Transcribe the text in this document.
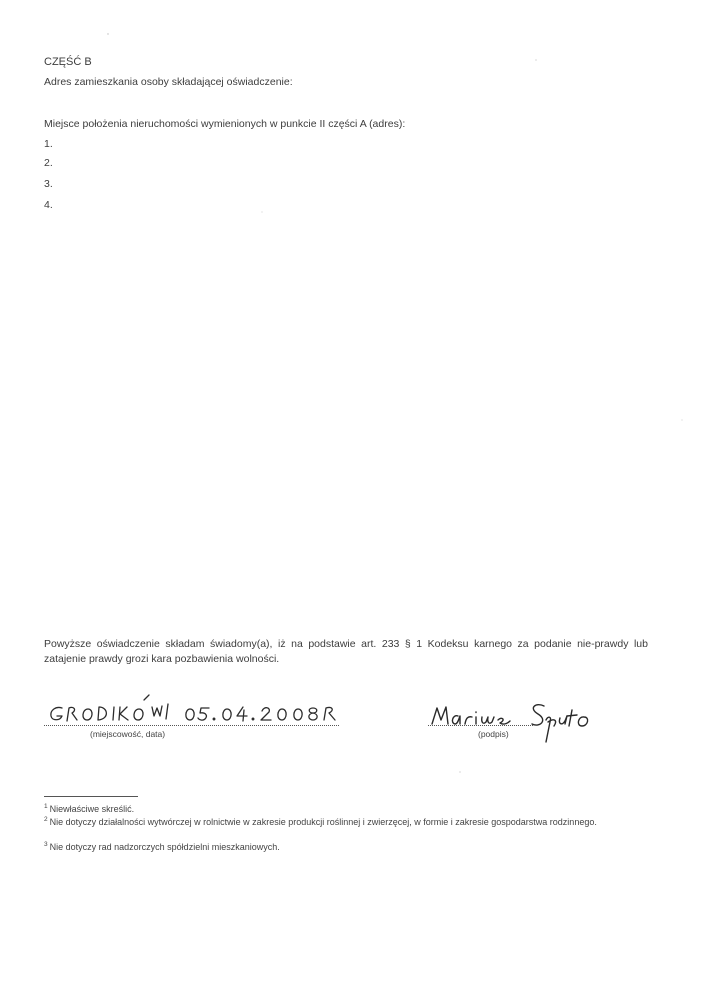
CZĘŚĆ B
Adres zamieszkania osoby składającej oświadczenie:
Miejsce położenia nieruchomości wymienionych w punkcie II części A (adres):
1.
2.
3.
4.
Powyższe oświadczenie składam świadomy(a), iż na podstawie art. 233 § 1 Kodeksu karnego za podanie nie-prawdy lub zatajenie prawdy grozi kara pozbawienia wolności.
(miejscowość, data)	(podpis)
$^1$ Niewłaściwe skreślić.
$^2$ Nie dotyczy działalności wytwórczej w rolnictwie w zakresie produkcji roślinnej i zwierzęcej, w formie i zakresie gospodarstwa rodzinnego.
$^3$ Nie dotyczy rad nadzorczych spółdzielni mieszkaniowych.
